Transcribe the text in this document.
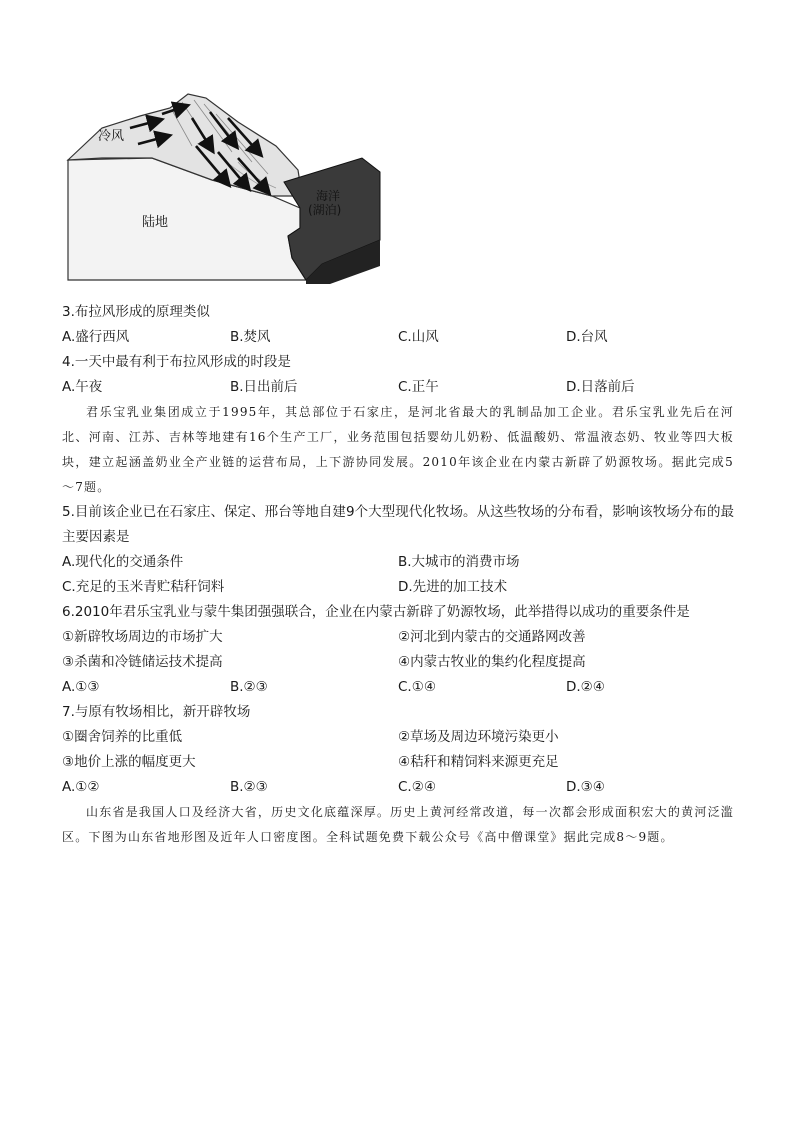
冷风
陆地
海洋
(湖泊)
3.布拉风形成的原理类似
A.盛行西风	B.焚风	C.山风	D.台风
4.一天中最有利于布拉风形成的时段是
A.午夜	B.日出前后	C.正午	D.日落前后

君乐宝乳业集团成立于1995年，其总部位于石家庄，是河北省最大的乳制品加工企业。君乐宝乳业先后在河北、河南、江苏、吉林等地建有16个生产工厂，业务范围包括婴幼儿奶粉、低温酸奶、常温液态奶、牧业等四大板块，建立起涵盖奶业全产业链的运营布局，上下游协同发展。2010年该企业在内蒙古新辟了奶源牧场。据此完成5～7题。

5.目前该企业已在石家庄、保定、邢台等地自建9个大型现代化牧场。从这些牧场的分布看，影响该牧场分布的最主要因素是

A.现代化的交通条件	B.大城市的消费市场
C.充足的玉米青贮秸秆饲料	D.先进的加工技术
6.2010年君乐宝乳业与蒙牛集团强强联合，企业在内蒙古新辟了奶源牧场，此举措得以成功的重要条件是
①新辟牧场周边的市场扩大	②河北到内蒙古的交通路网改善
③杀菌和冷链储运技术提高	④内蒙古牧业的集约化程度提高
A.①③	B.②③	C.①④	D.②④
7.与原有牧场相比，新开辟牧场
①圈舍饲养的比重低	②草场及周边环境污染更小
③地价上涨的幅度更大	④秸秆和精饲料来源更充足
A.①②	B.②③	C.②④	D.③④

山东省是我国人口及经济大省，历史文化底蕴深厚。历史上黄河经常改道，每一次都会形成面积宏大的黄河泛滥区。下图为山东省地形图及近年人口密度图。全科试题免费下载公众号《高中僧课堂》据此完成8～9题。
